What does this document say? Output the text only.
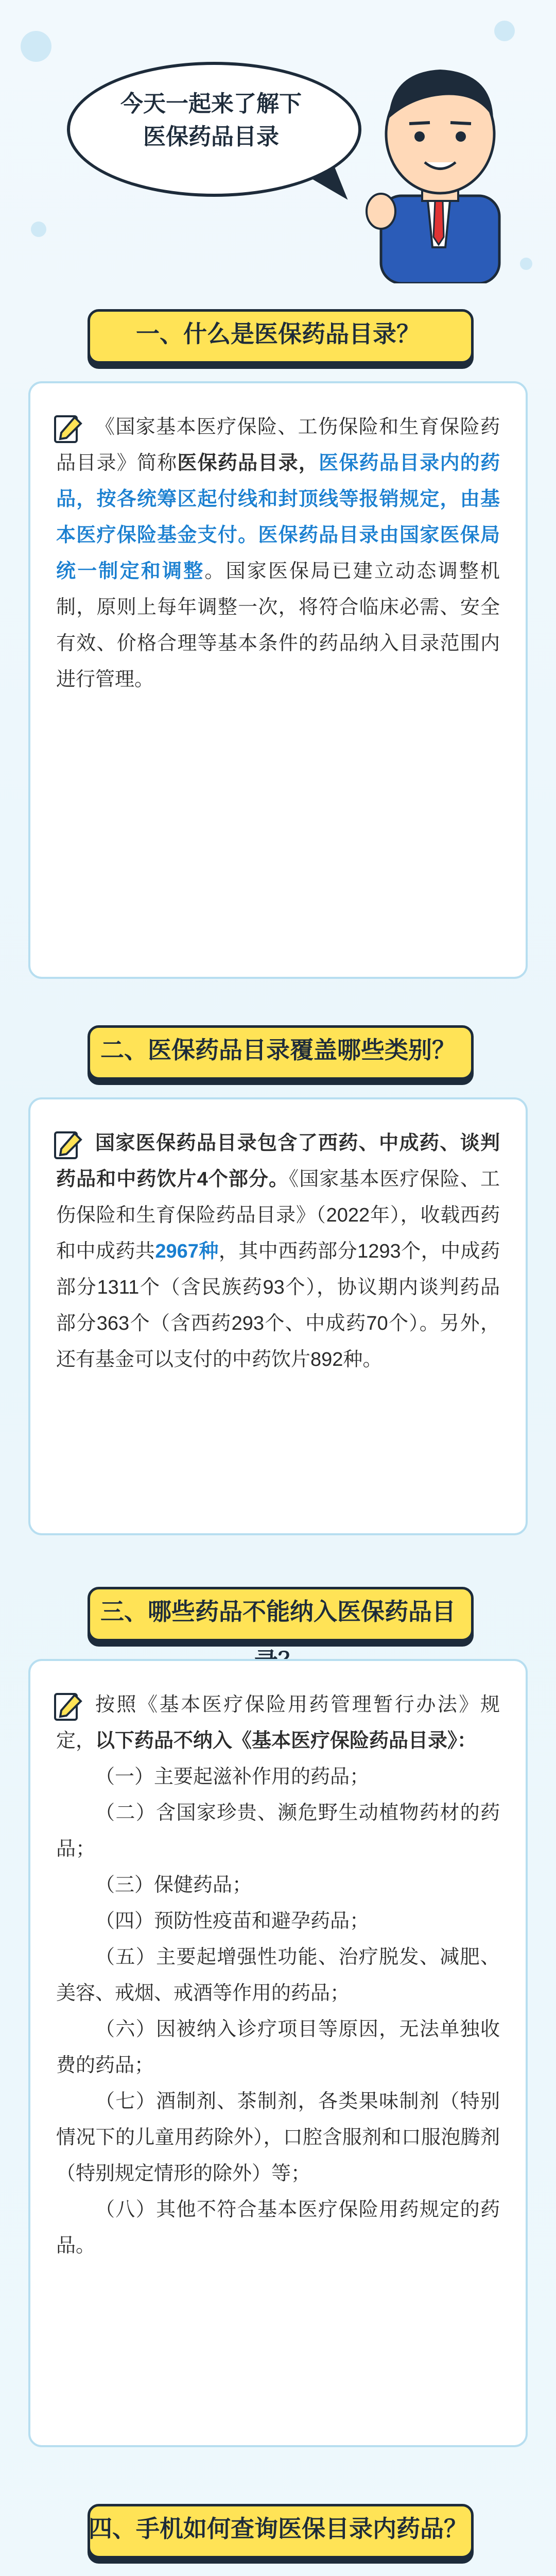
今天一起来了解下
医保药品目录
一、什么是医保药品目录？

《国家基本医疗保险、工伤保险和生育保险药品目录》简称医保药品目录，医保药品目录内的药品，按各统筹区起付线和封顶线等报销规定，由基本医疗保险基金支付。医保药品目录由国家医保局统一制定和调整。国家医保局已建立动态调整机制，原则上每年调整一次，将符合临床必需、安全有效、价格合理等基本条件的药品纳入目录范围内进行管理。

二、医保药品目录覆盖哪些类别？

国家医保药品目录包含了西药、中成药、谈判药品和中药饮片4个部分。《国家基本医疗保险、工伤保险和生育保险药品目录》（2022年），收载西药和中成药共2967种，其中西药部分1293个，中成药部分1311个（含民族药93个），协议期内谈判药品部分363个（含西药293个、中成药70个）。另外，还有基金可以支付的中药饮片892种。

三、哪些药品不能纳入医保药品目

按照《基本医疗保险用药管理暂行办法》规定，以下药品不纳入《基本医疗保险药品目录》：

（一）主要起滋补作用的药品；

（二）含国家珍贵、濒危野生动植物药材的药品；

（三）保健药品；

（四）预防性疫苗和避孕药品；

（五）主要起增强性功能、治疗脱发、减肥、美容、戒烟、戒酒等作用的药品；

（六）因被纳入诊疗项目等原因，无法单独收费的药品；

（七）酒制剂、茶制剂，各类果味制剂（特别情况下的儿童用药除外），口腔含服剂和口服泡腾剂（特别规定情形的除外）等；

（八）其他不符合基本医疗保险用药规定的药品。

四、手机如何查询医保目录内药品？
